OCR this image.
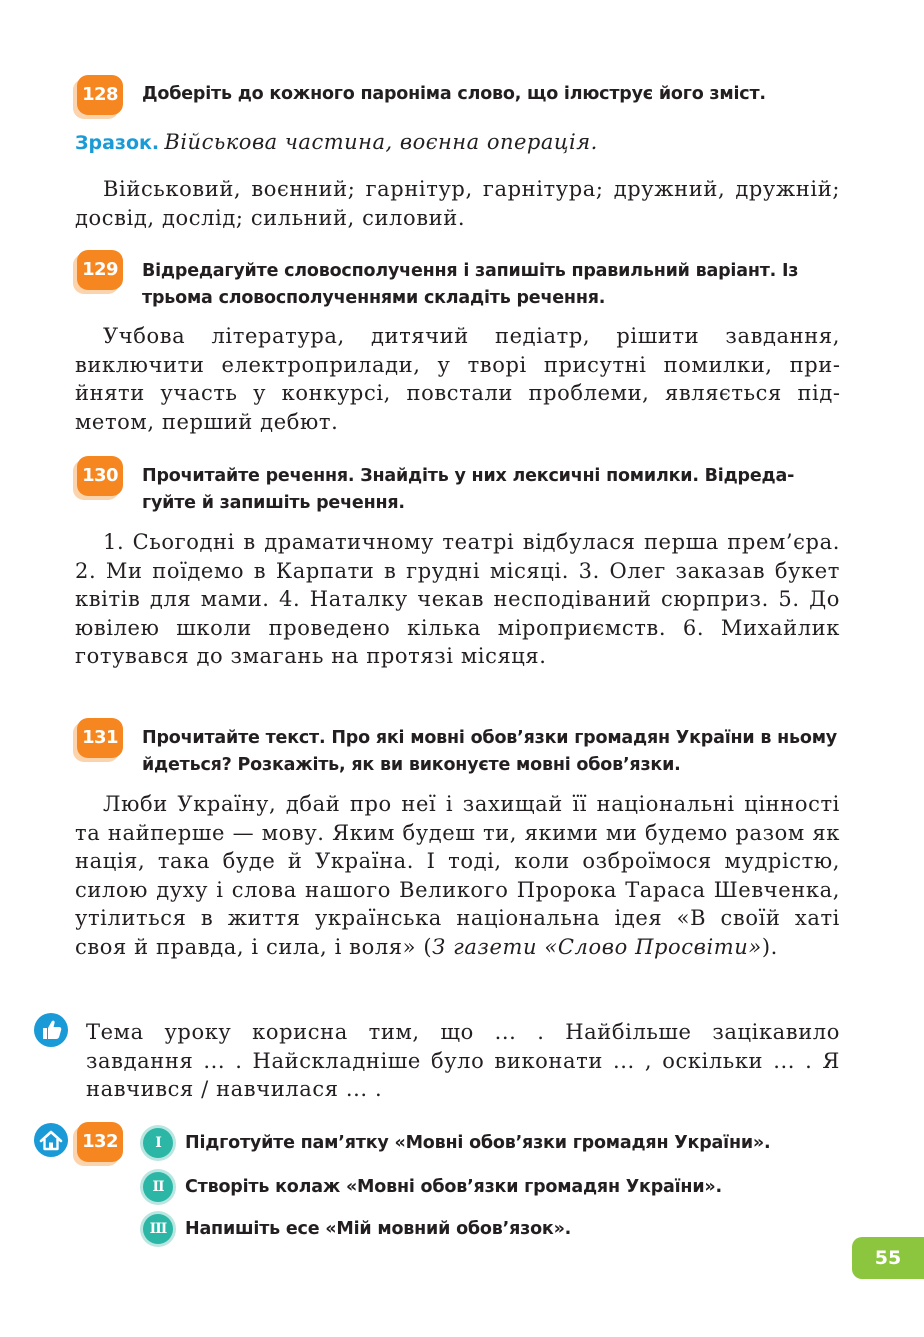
128 Доберіть до кожного пароніма слово, що ілюструє його зміст.
Зразок. Військова частина, воєнна операція.

Військовий, воєнний; гарнітур, гарнітура; дружний, дружній; досвід, дослід; сильний, силовий.

129 Відредагуйте словосполучення і запишіть правильний варіант. Із трьома словосполученнями складіть речення.

Учбова література, дитячий педіатр, рішити завдання, виключити електроприлади, у творі присутні помилки, прийняти участь у конкурсі, повстали проблеми, являється підметом, перший дебют.

130 Прочитайте речення. Знайдіть у них лексичні помилки. Відредагуйте й запишіть речення.

1. Сьогодні в драматичному театрі відбулася перша прем’єра. 2. Ми поїдемо в Карпати в грудні місяці. 3. Олег заказав букет квітів для мами. 4. Наталку чекав несподіваний сюрприз. 5. До ювілею школи проведено кілька міроприємств. 6. Михайлик готувався до змагань на протязі місяця.

131 Прочитайте текст. Про які мовні обов’язки громадян України в ньому йдеться? Розкажіть, як ви виконуєте мовні обов’язки.

Люби Україну, дбай про неї і захищай її національні цінності та найперше — мову. Яким будеш ти, якими ми будемо разом як нація, така буде й Україна. І тоді, коли озброїмося мудрістю, силою духу і слова нашого Великого Пророка Тараса Шевченка, утілиться в життя українська національна ідея «В своїй хаті своя й правда, і сила, і воля» (З газети «Слово Просвіти»).

Тема уроку корисна тим, що ... . Найбільше зацікавило завдання ... . Найскладніше було виконати ... , оскільки ... . Я навчився / навчилася ... .

132	I	Підготуйте пам’ятку «Мовні обов’язки громадян України».
II	Створіть колаж «Мовні обов’язки громадян України».
III	Напишіть есе «Мій мовний обов’язок».
55
